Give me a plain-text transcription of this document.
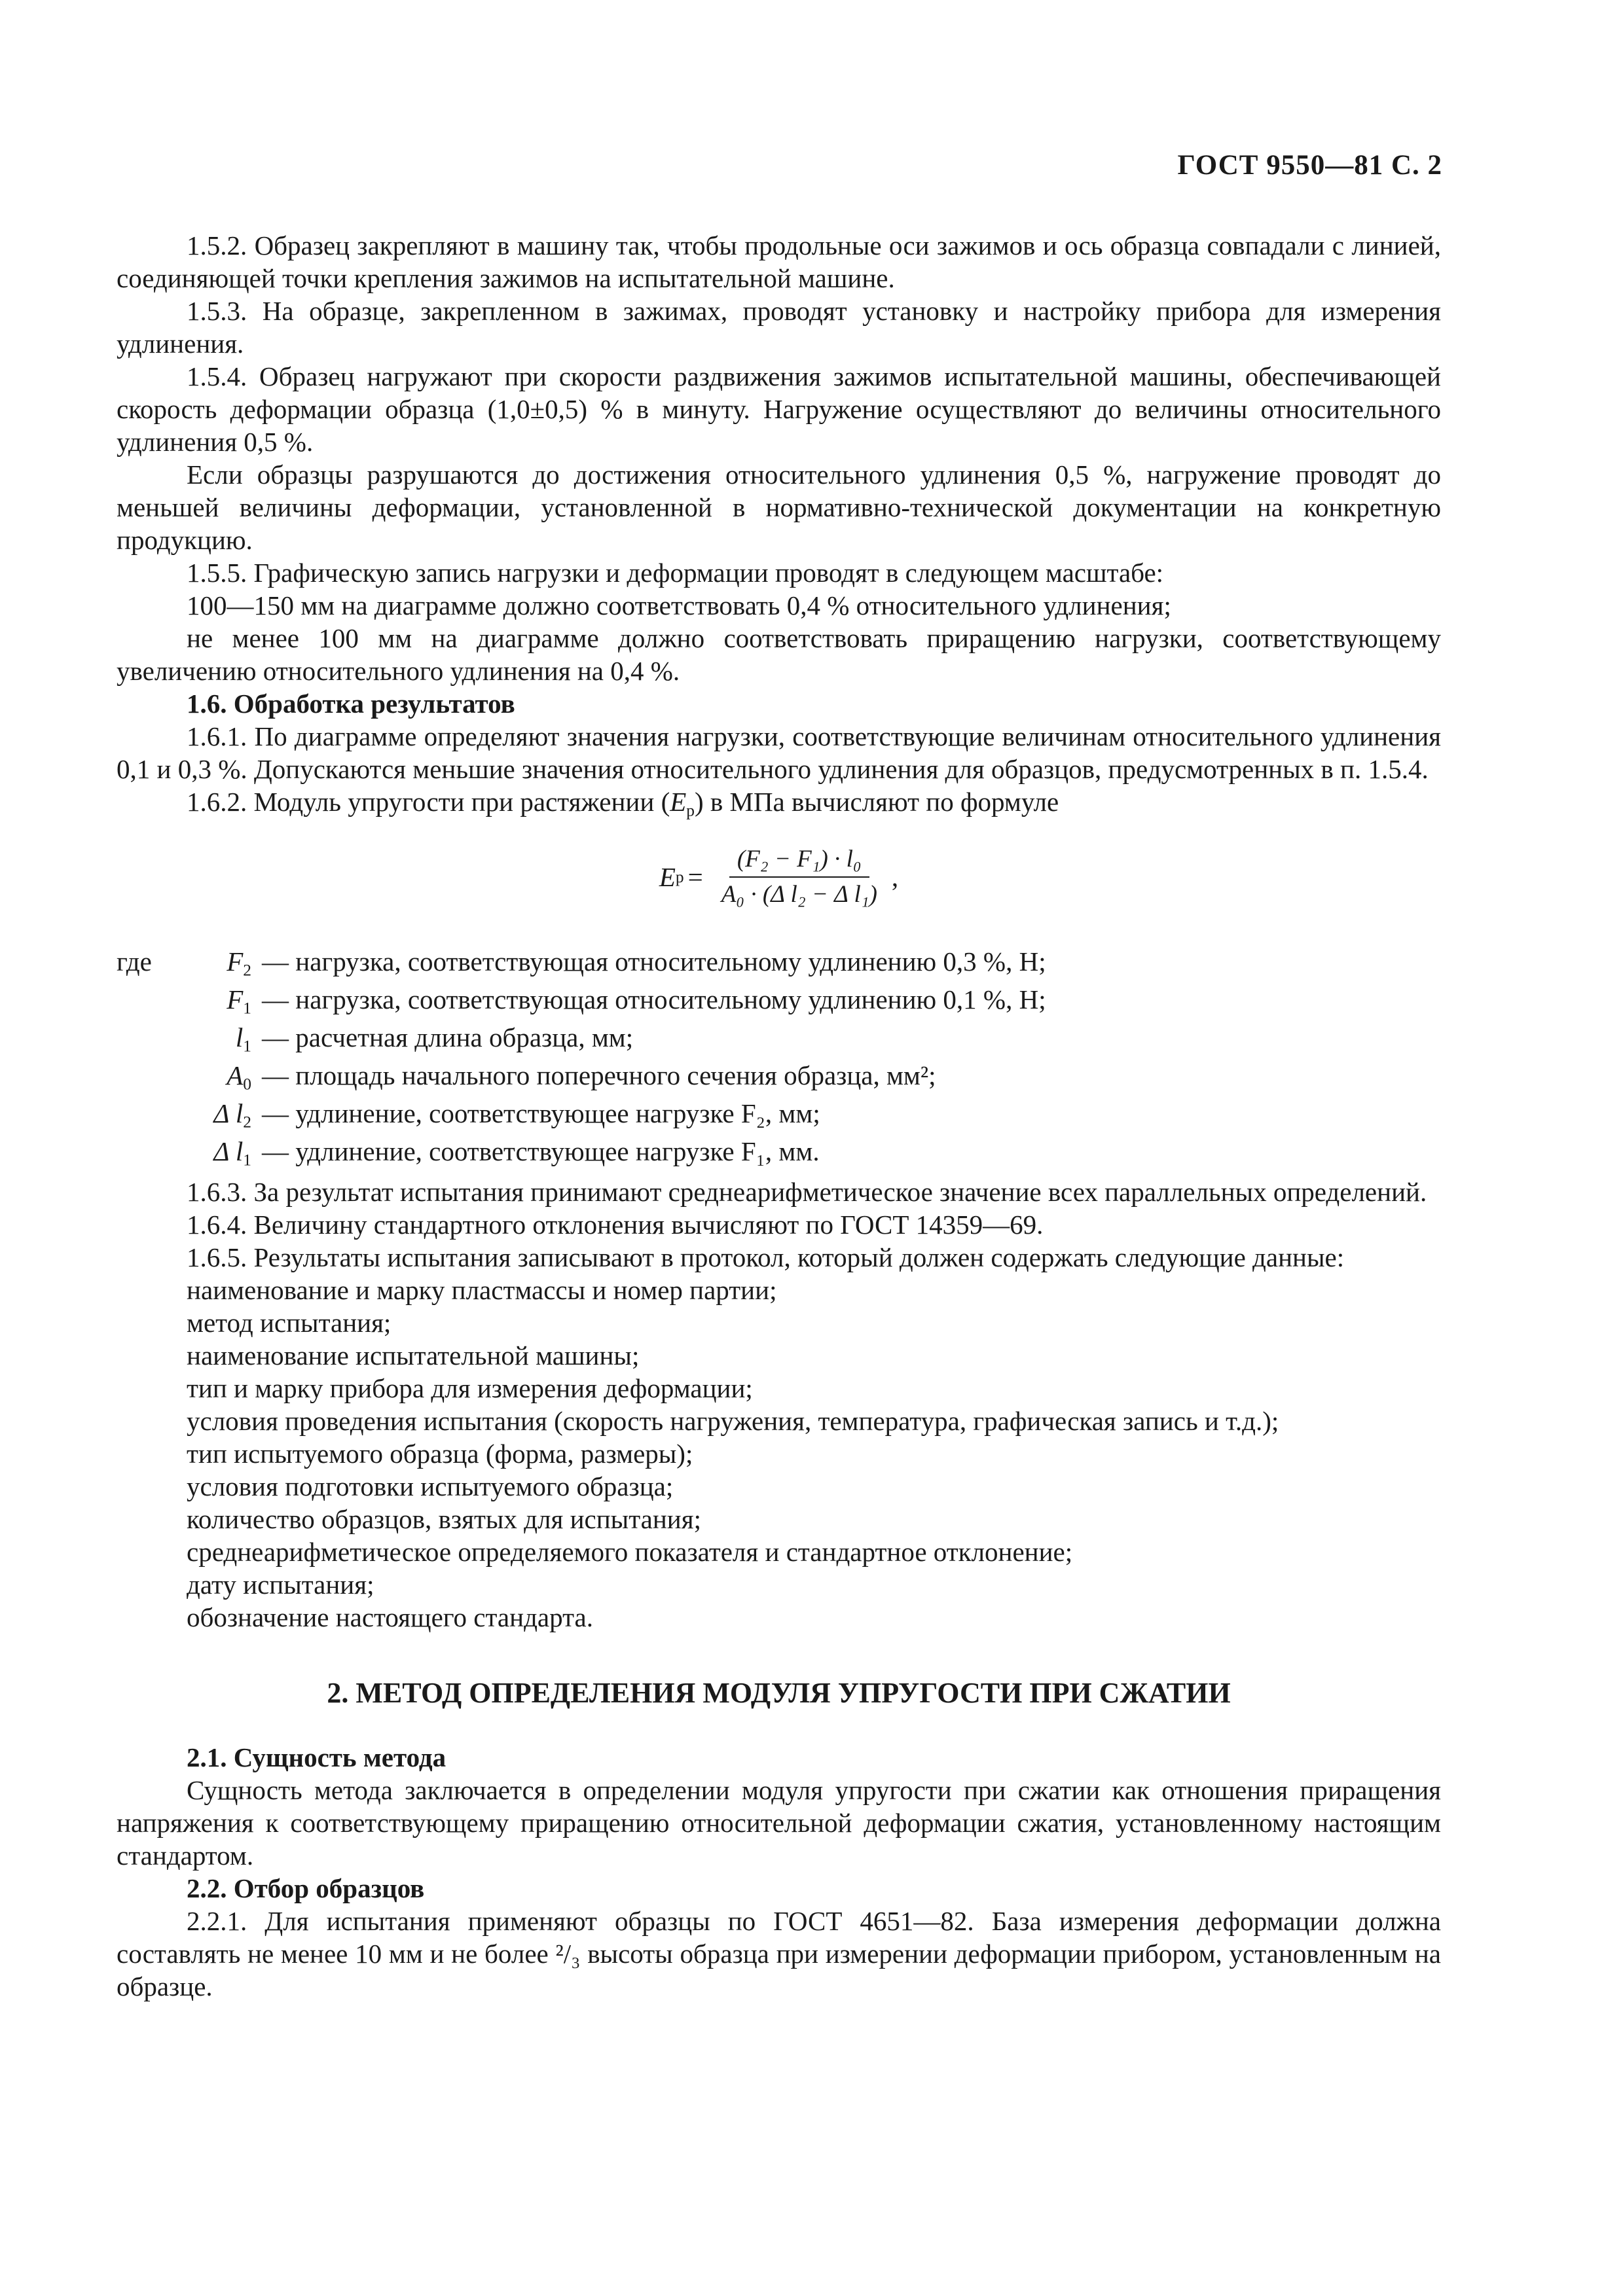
ГОСТ 9550—81 С. 2

1.5.2. Образец закрепляют в машину так, чтобы продольные оси зажимов и ось образца совпадали с линией, соединяющей точки крепления зажимов на испытательной машине.

1.5.3. На образце, закрепленном в зажимах, проводят установку и настройку прибора для измерения удлинения.

1.5.4. Образец нагружают при скорости раздвижения зажимов испытательной машины, обеспечивающей скорость деформации образца (1,0±0,5) % в минуту. Нагружение осуществляют до величины относительного удлинения 0,5 %.

Если образцы разрушаются до достижения относительного удлинения 0,5 %, нагружение проводят до меньшей величины деформации, установленной в нормативно-технической документации на конкретную продукцию.

1.5.5. Графическую запись нагрузки и деформации проводят в следующем масштабе:

100—150 мм на диаграмме должно соответствовать 0,4 % относительного удлинения;

не менее 100 мм на диаграмме должно соответствовать приращению нагрузки, соответствующему увеличению относительного удлинения на 0,4 %.

1.6. Обработка результатов

1.6.1. По диаграмме определяют значения нагрузки, соответствующие величинам относительного удлинения 0,1 и 0,3 %. Допускаются меньшие значения относительного удлинения для образцов, предусмотренных в п. 1.5.4.

1.6.2. Модуль упругости при растяжении $(E_р)$ в МПа вычисляют по формуле

E $р = \frac{\text{(F₂ − F₁) · l₀}}{\text{A₀ · (Δ l₂ − Δ l₁)}}$ ,
где	$F_2$ — нагрузка, соответствующая относительному удлинению 0,3 %, Н;
$F_1$ — нагрузка, соответствующая относительному удлинению 0,1 %, Н;
$l_1$ — расчетная длина образца, мм;
$A_0$ — площадь начального поперечного сечения образца, мм²;
Δ $l_2$ — удлинение, соответствующее нагрузке F₂, мм;
Δ $l_1$ — удлинение, соответствующее нагрузке F₁, мм.

1.6.3. За результат испытания принимают среднеарифметическое значение всех параллельных определений.

1.6.4. Величину стандартного отклонения вычисляют по ГОСТ 14359—69.

1.6.5. Результаты испытания записывают в протокол, который должен содержать следующие данные:

наименование и марку пластмассы и номер партии;
метод испытания;
наименование испытательной машины;
тип и марку прибора для измерения деформации;
условия проведения испытания (скорость нагружения, температура, графическая запись и т.д.);
тип испытуемого образца (форма, размеры);
условия подготовки испытуемого образца;
количество образцов, взятых для испытания;
среднеарифметическое определяемого показателя и стандартное отклонение;
дату испытания;
обозначение настоящего стандарта.
2. МЕТОД ОПРЕДЕЛЕНИЯ МОДУЛЯ УПРУГОСТИ ПРИ СЖАТИИ

2.1. Сущность метода

Сущность метода заключается в определении модуля упругости при сжатии как отношения приращения напряжения к соответствующему приращению относительной деформации сжатия, установленному настоящим стандартом.

2.2. Отбор образцов

2.2.1. Для испытания применяют образцы по ГОСТ 4651—82. База измерения деформации должна составлять не менее 10 мм и не более ²/₃ высоты образца при измерении деформации прибором, установленным на образце.
